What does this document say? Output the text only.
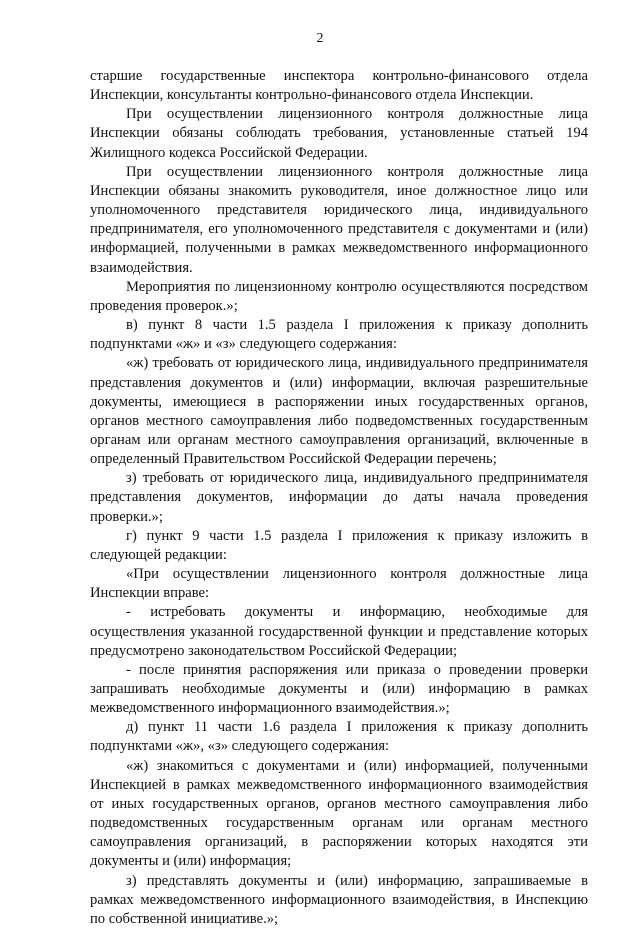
2

старшие государственные инспектора контрольно-финансового отдела Инспекции, консультанты контрольно-финансового отдела Инспекции.

При осуществлении лицензионного контроля должностные лица Инспекции обязаны соблюдать требования, установленные статьей 194 Жилищного кодекса Российской Федерации.

При осуществлении лицензионного контроля должностные лица Инспекции обязаны знакомить руководителя, иное должностное лицо или уполномоченного представителя юридического лица, индивидуального предпринимателя, его уполномоченного представителя с документами и (или) информацией, полученными в рамках межведомственного информационного взаимодействия.

Мероприятия по лицензионному контролю осуществляются посредством проведения проверок.»;

в) пункт 8 части 1.5 раздела I приложения к приказу дополнить подпунктами «ж» и «з» следующего содержания:

«ж) требовать от юридического лица, индивидуального предпринимателя представления документов и (или) информации, включая разрешительные документы, имеющиеся в распоряжении иных государственных органов, органов местного самоуправления либо подведомственных государственным органам или органам местного самоуправления организаций, включенные в определенный Правительством Российской Федерации перечень;

з) требовать от юридического лица, индивидуального предпринимателя представления документов, информации до даты начала проведения проверки.»;

г) пункт 9 части 1.5 раздела I приложения к приказу изложить в следующей редакции:

«При осуществлении лицензионного контроля должностные лица Инспекции вправе:

- истребовать документы и информацию, необходимые для осуществления указанной государственной функции и представление которых предусмотрено законодательством Российской Федерации;

- после принятия распоряжения или приказа о проведении проверки запрашивать необходимые документы и (или) информацию в рамках межведомственного информационного взаимодействия.»;

д) пункт 11 части 1.6 раздела I приложения к приказу дополнить подпунктами «ж», «з» следующего содержания:

«ж) знакомиться с документами и (или) информацией, полученными Инспекцией в рамках межведомственного информационного взаимодействия от иных государственных органов, органов местного самоуправления либо подведомственных государственным органам или органам местного самоуправления организаций, в распоряжении которых находятся эти документы и (или) информация;

з) представлять документы и (или) информацию, запрашиваемые в рамках межведомственного информационного взаимодействия, в Инспекцию по собственной инициативе.»;
